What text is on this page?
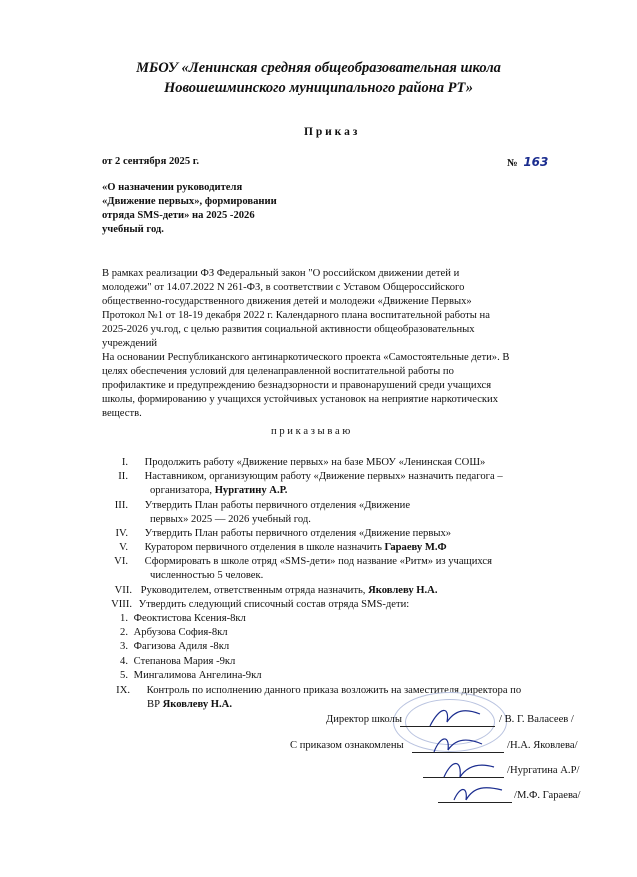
МБОУ «Ленинская средняя общеобразовательная школа
Новошешминского муниципального района РТ»
П р и к а з
от 2 сентября 2025 г.	№ 163
«О назначении руководителя
«Движение первых», формировании
отряда SMS-дети» на 2025 -2026
учебный год.
В рамках реализации ФЗ Федеральный закон "О российском движении детей и
молодежи" от 14.07.2022 N 261-ФЗ, в соответствии с Уставом Общероссийского
общественно-государственного движения детей и молодежи «Движение Первых»
Протокол №1 от 18-19 декабря 2022 г. Календарного плана воспитательной работы на
2025-2026 уч.год, с целью развития социальной активности общеобразовательных
учреждений
На основании Республиканского антинаркотического проекта «Самостоятельные дети». В
целях обеспечения условий для целенаправленной воспитательной работы по
профилактике и предупреждению безнадзорности и правонарушений среди учащихся
школы, формированию у учащихся устойчивых установок на неприятие наркотических
веществ.
п р и к а з ы в а ю
I. Продолжить работу «Движение первых» на базе МБОУ «Ленинская СОШ»
II. Наставником, организующим работу «Движение первых» назначить педагога –
организатора, Нургатину А.Р.
III. Утвердить План работы первичного отделения «Движение
первых» 2025 — 2026 учебный год.
IV. Утвердить План работы первичного отделения «Движение первых»
V. Куратором первичного отделения в школе назначить Гараеву М.Ф
VI. Сформировать в школе отряд «SMS-дети» под название «Ритм» из учащихся
численностью 5 человек.
VII. Руководителем, ответственным отряда назначить, Яковлеву Н.А.
VIII. Утвердить следующий списочный состав отряда SMS-дети:
1. Феоктистова Ксения-8кл
2. Арбузова София-8кл
3. Фагизова Адиля -8кл
4. Степанова Мария -9кл
5. Мингалимова Ангелина-9кл
IX. Контроль по исполнению данного приказа возложить на заместителя директора по
ВР Яковлеву Н.А.
Директор школы	/ В. Г. Валасеев /
С приказом ознакомлены	/Н.А. Яковлева/
/Нургатина А.Р/
/М.Ф. Гараева/
